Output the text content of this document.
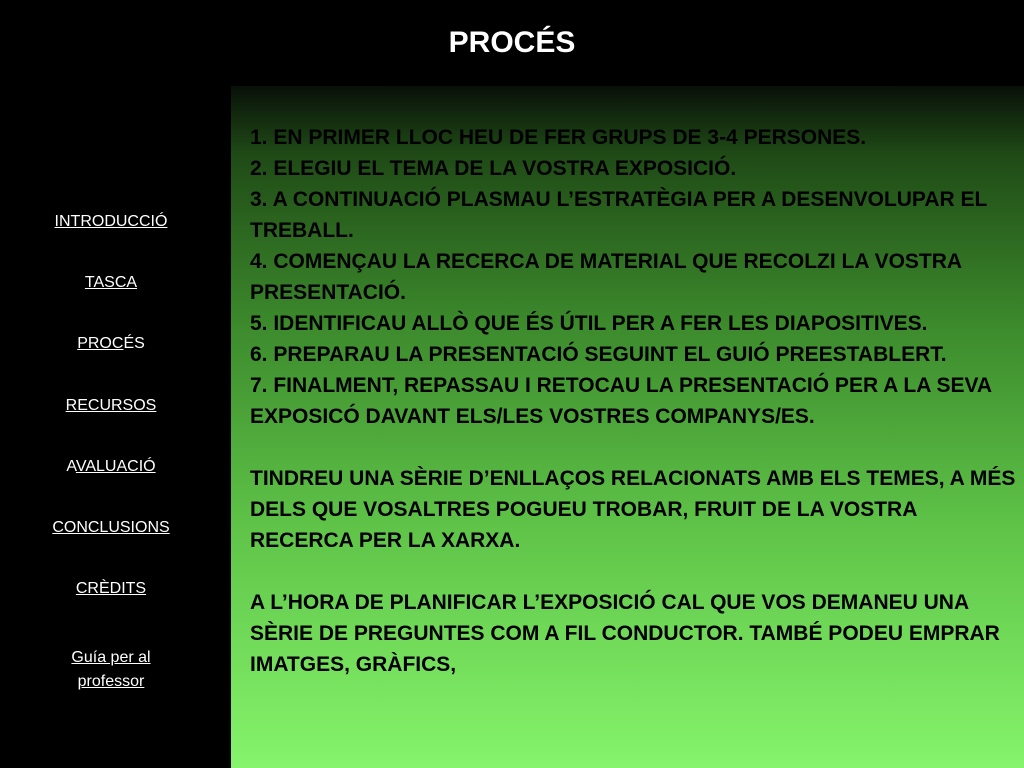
PROCÉS
INTRODUCCIÓ
TASCA
PROCÉS
RECURSOS
AVALUACIÓ
CONCLUSIONS
CRÈDITS
Guía per al
professor
1. EN PRIMER LLOC HEU DE FER GRUPS DE 3-4 PERSONES.
2. ELEGIU EL TEMA DE LA VOSTRA EXPOSICIÓ.
3. A CONTINUACIÓ PLASMAU L’ESTRATÈGIA PER A DESENVOLUPAR EL TREBALL.
4. COMENÇAU LA RECERCA DE MATERIAL QUE RECOLZI LA VOSTRA PRESENTACIÓ.
5. IDENTIFICAU ALLÒ QUE ÉS ÚTIL PER A FER LES DIAPOSITIVES.
6. PREPARAU LA PRESENTACIÓ SEGUINT EL GUIÓ PREESTABLERT.
7. FINALMENT, REPASSAU I RETOCAU LA PRESENTACIÓ PER A LA SEVA EXPOSICÓ DAVANT ELS/LES VOSTRES COMPANYS/ES.
TINDREU UNA SÈRIE D’ENLLAÇOS RELACIONATS AMB ELS TEMES, A MÉS DELS QUE VOSALTRES POGUEU TROBAR, FRUIT DE LA VOSTRA RECERCA PER LA XARXA.
A L’HORA DE PLANIFICAR L’EXPOSICIÓ CAL QUE VOS DEMANEU UNA SÈRIE DE PREGUNTES COM A FIL CONDUCTOR. TAMBÉ PODEU EMPRAR IMATGES, GRÀFICS,
